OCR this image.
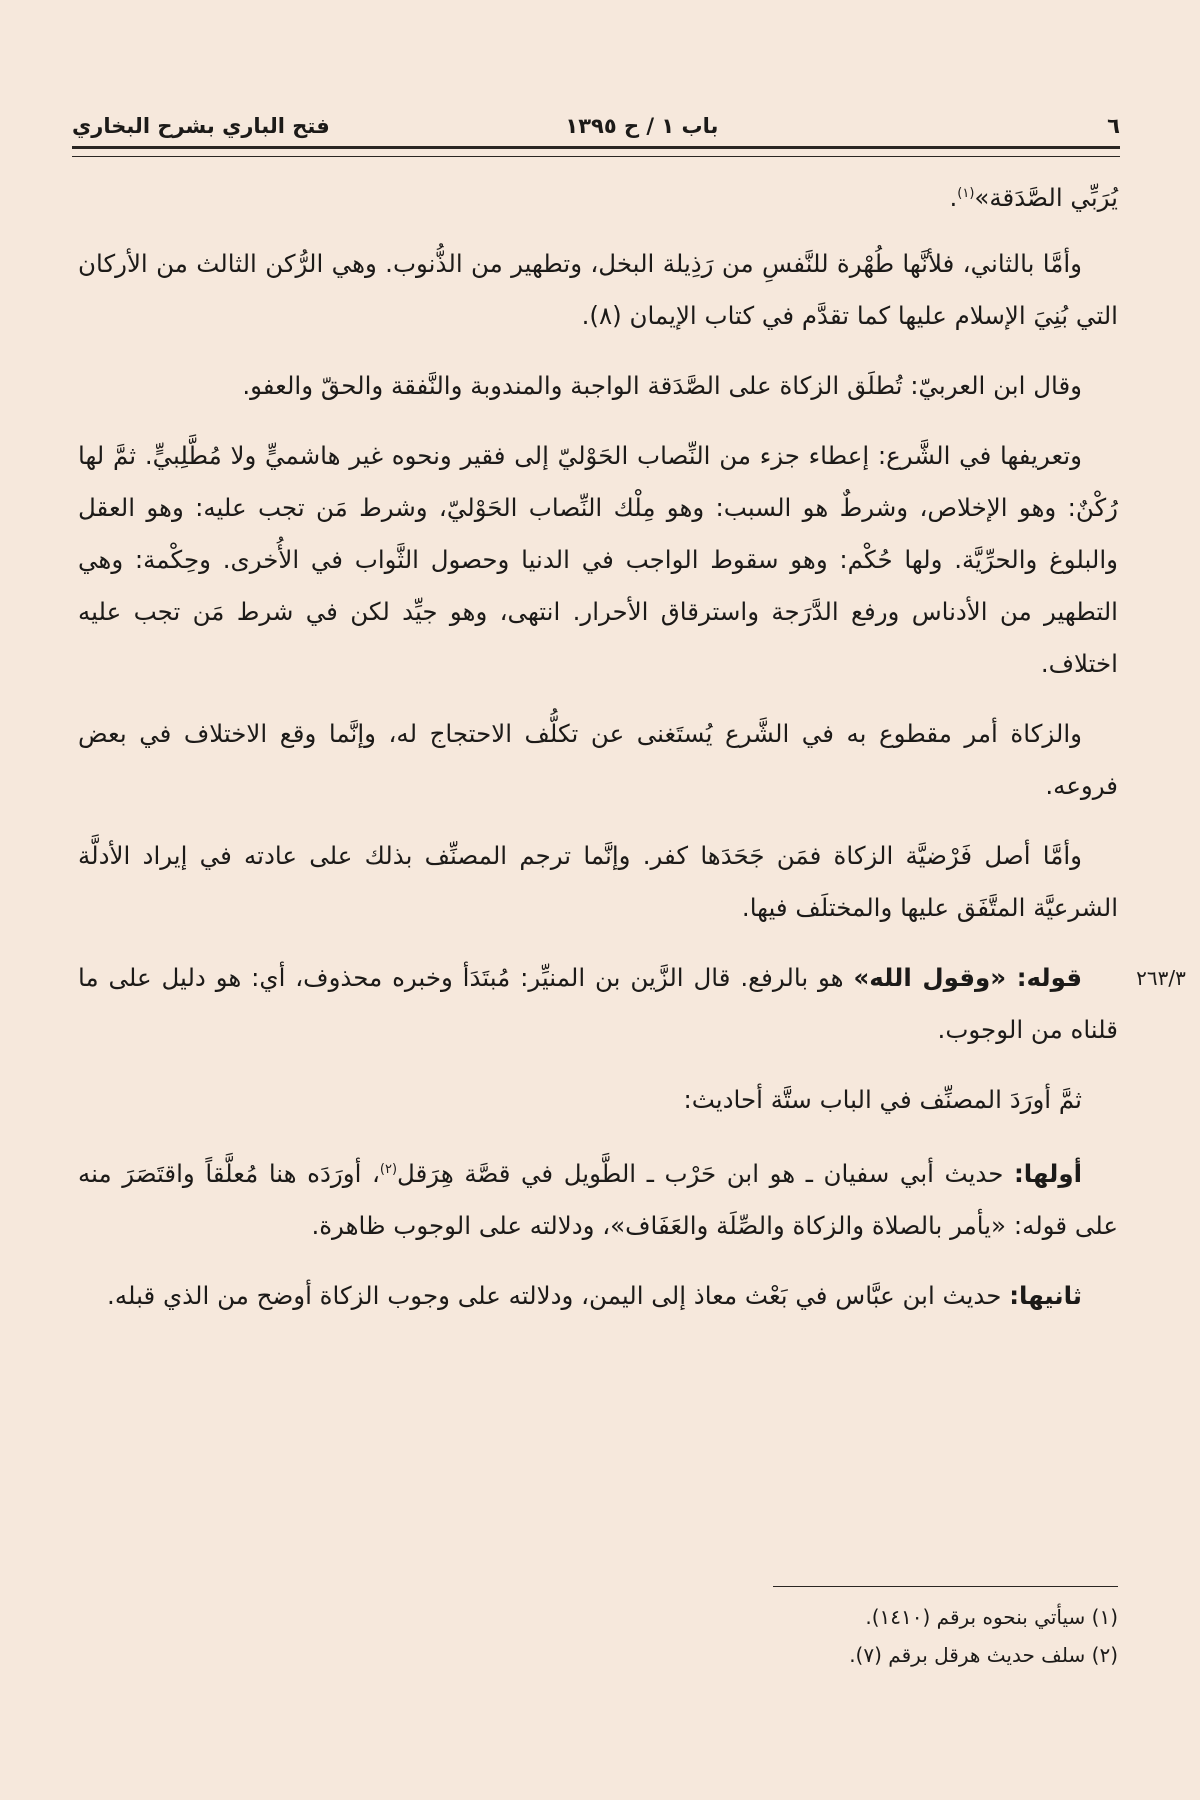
٦
باب ١ / ح ١٣٩٥
فتح الباري بشرح البخاري

يُرَبِّي الصَّدَقة»$^{(١)}$.

وأمَّا بالثاني، فلأنَّها طُهْرة للنَّفسِ من رَذِيلة البخل، وتطهير من الذُّنوب. وهي الرُّكن الثالث من الأركان التي بُنِيَ الإسلام عليها كما تقدَّم في كتاب الإيمان (٨).

وقال ابن العربيّ: تُطلَق الزكاة على الصَّدَقة الواجبة والمندوبة والنَّفقة والحقّ والعفو.

وتعريفها في الشَّرع: إعطاء جزء من النِّصاب الحَوْليّ إلى فقير ونحوه غير هاشميٍّ ولا مُطَّلِبيٍّ. ثمَّ لها رُكْنٌ: وهو الإخلاص، وشرطٌ هو السبب: وهو مِلْك النِّصاب الحَوْليّ، وشرط مَن تجب عليه: وهو العقل والبلوغ والحرِّيَّة. ولها حُكْم: وهو سقوط الواجب في الدنيا وحصول الثَّواب في الأُخرى. وحِكْمة: وهي التطهير من الأدناس ورفع الدَّرَجة واسترقاق الأحرار. انتهى، وهو جيِّد لكن في شرط مَن تجب عليه اختلاف.

والزكاة أمر مقطوع به في الشَّرع يُستَغنى عن تكلُّف الاحتجاج له، وإنَّما وقع الاختلاف في بعض فروعه.

وأمَّا أصل فَرْضيَّة الزكاة فمَن جَحَدَها كفر. وإنَّما ترجم المصنِّف بذلك على عادته في إيراد الأدلَّة الشرعيَّة المتَّفَق عليها والمختلَف فيها.

٢٦٣/٣

قوله: «وقول الله» هو بالرفع. قال الزَّين بن المنيِّر: مُبتَدَأ وخبره محذوف، أي: هو دليل على ما قلناه من الوجوب.

ثمَّ أورَدَ المصنِّف في الباب ستَّة أحاديث:

أولها: حديث أبي سفيان ـ هو ابن حَرْب ـ الطَّويل في قصَّة هِرَقل$^{(٢)}$، أورَدَه هنا مُعلَّقاً واقتَصَرَ منه على قوله: «يأمر بالصلاة والزكاة والصِّلَة والعَفَاف»، ودلالته على الوجوب ظاهرة.

ثانيها: حديث ابن عبَّاس في بَعْث معاذ إلى اليمن، ودلالته على وجوب الزكاة أوضح من الذي قبله.

(١) سيأتي بنحوه برقم (١٤١٠).
(٢) سلف حديث هرقل برقم (٧).
